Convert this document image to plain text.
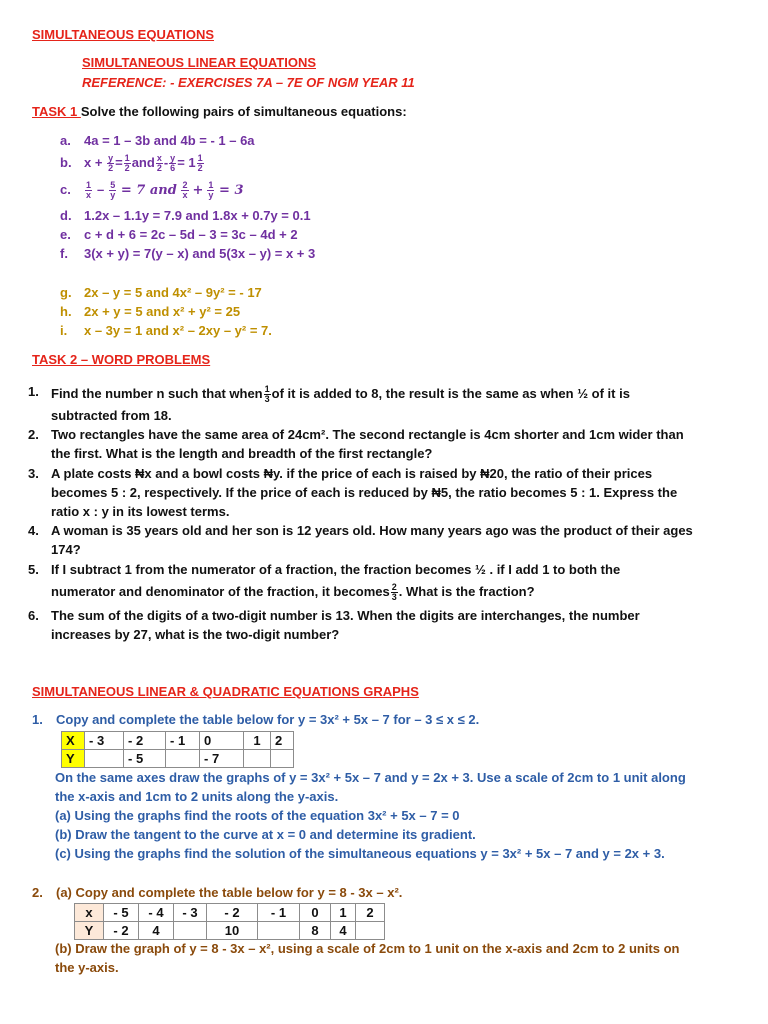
SIMULTANEOUS EQUATIONS
SIMULTANEOUS LINEAR EQUATIONS
REFERENCE: - EXERCISES 7A – 7E OF NGM YEAR 11
TASK 1 Solve the following pairs of simultaneous equations:
a. 4a = 1 – 3b and 4b = - 1 – 6a
b. $x + \frac{y}{2} = \frac{1}{2}$ and $\frac{x}{2} - \frac{y}{6} = 1 \frac{1}{2}$
c. $\frac{1}{x} - \frac{5}{y} = 7$ and $\frac{2}{x} + \frac{1}{y} = 3$
d. 1.2x – 1.1y = 7.9 and 1.8x + 0.7y = 0.1
e. c + d + 6 = 2c – 5d – 3 = 3c – 4d + 2
f. 3(x + y) = 7(y – x) and 5(3x – y) = x + 3
g. 2x – y = 5 and 4x² – 9y² = - 17
h. 2x + y = 5 and x² + y² = 25
i. x – 3y = 1 and x² – 2xy – y² = 7.
TASK 2 – WORD PROBLEMS
1. Find the number n such that when $\frac{1}{3}$ of it is added to 8, the result is the same as when ½ of it is
subtracted from 18.
2. Two rectangles have the same area of 24cm². The second rectangle is 4cm shorter and 1cm wider than
the first. What is the length and breadth of the first rectangle?
3. A plate costs ₦x and a bowl costs ₦y. if the price of each is raised by ₦20, the ratio of their prices
becomes 5 : 2, respectively. If the price of each is reduced by ₦5, the ratio becomes 5 : 1. Express the
ratio x : y in its lowest terms.
4. A woman is 35 years old and her son is 12 years old. How many years ago was the product of their ages
174?
5. If I subtract 1 from the numerator of a fraction, the fraction becomes ½ . if I add 1 to both the
numerator and denominator of the fraction, it becomes $\frac{2}{3}$ . What is the fraction?
6. The sum of the digits of a two-digit number is 13. When the digits are interchanges, the number
increases by 27, what is the two-digit number?
SIMULTANEOUS LINEAR & QUADRATIC EQUATIONS GRAPHS
1. Copy and complete the table below for y = 3x² + 5x – 7 for – 3 ≤ x ≤ 2.
X	- 3	- 2	- 1	0	1	2
Y		- 5		- 7		
On the same axes draw the graphs of y = 3x² + 5x – 7 and y = 2x + 3. Use a scale of 2cm to 1 unit along
the x-axis and 1cm to 2 units along the y-axis.
(a) Using the graphs find the roots of the equation 3x² + 5x – 7 = 0
(b) Draw the tangent to the curve at x = 0 and determine its gradient.
(c) Using the graphs find the solution of the simultaneous equations y = 3x² + 5x – 7 and y = 2x + 3.
2. (a) Copy and complete the table below for y = 8 - 3x – x².
x	- 5	- 4	- 3	- 2	- 1	0	1	2
Y	- 2	4		10		8	4	
(b) Draw the graph of y = 8 - 3x – x², using a scale of 2cm to 1 unit on the x-axis and 2cm to 2 units on
the y-axis.
